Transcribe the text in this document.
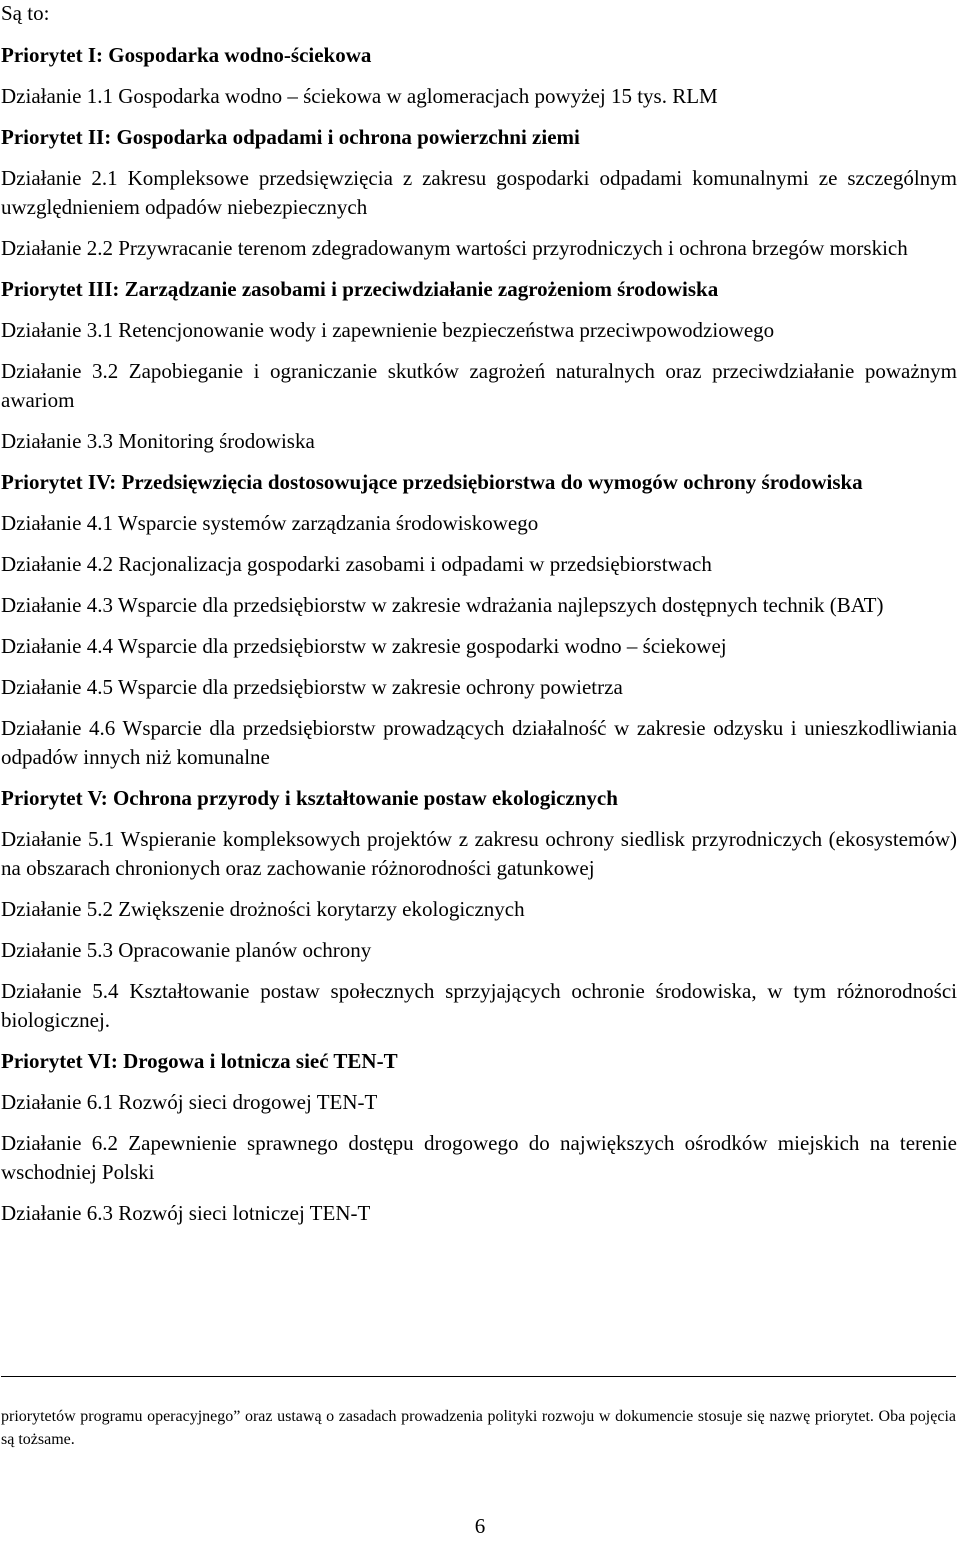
Są to:

Priorytet I: Gospodarka wodno-ściekowa

Działanie 1.1 Gospodarka wodno – ściekowa w aglomeracjach powyżej 15 tys. RLM

Priorytet II: Gospodarka odpadami i ochrona powierzchni ziemi

Działanie 2.1 Kompleksowe przedsięwzięcia z zakresu gospodarki odpadami komunalnymi ze szczególnym uwzględnieniem odpadów niebezpiecznych

Działanie 2.2 Przywracanie terenom zdegradowanym wartości przyrodniczych i ochrona brzegów morskich

Priorytet III: Zarządzanie zasobami i przeciwdziałanie zagrożeniom środowiska

Działanie 3.1 Retencjonowanie wody i zapewnienie bezpieczeństwa przeciwpowodziowego

Działanie 3.2 Zapobieganie i ograniczanie skutków zagrożeń naturalnych oraz przeciwdziałanie poważnym awariom

Działanie 3.3 Monitoring środowiska

Priorytet IV: Przedsięwzięcia dostosowujące przedsiębiorstwa do wymogów ochrony środowiska

Działanie 4.1 Wsparcie systemów zarządzania środowiskowego

Działanie 4.2 Racjonalizacja gospodarki zasobami i odpadami w przedsiębiorstwach

Działanie 4.3 Wsparcie dla przedsiębiorstw w zakresie wdrażania najlepszych dostępnych technik (BAT)

Działanie 4.4 Wsparcie dla przedsiębiorstw w zakresie gospodarki wodno – ściekowej

Działanie 4.5 Wsparcie dla przedsiębiorstw w zakresie ochrony powietrza

Działanie 4.6 Wsparcie dla przedsiębiorstw prowadzących działalność w zakresie odzysku i unieszkodliwiania odpadów innych niż komunalne

Priorytet V: Ochrona przyrody i kształtowanie postaw ekologicznych

Działanie 5.1 Wspieranie kompleksowych projektów z zakresu ochrony siedlisk przyrodniczych (ekosystemów) na obszarach chronionych oraz zachowanie różnorodności gatunkowej

Działanie 5.2 Zwiększenie drożności korytarzy ekologicznych

Działanie 5.3 Opracowanie planów ochrony

Działanie 5.4 Kształtowanie postaw społecznych sprzyjających ochronie środowiska, w tym różnorodności biologicznej.

Priorytet VI: Drogowa i lotnicza sieć TEN-T

Działanie 6.1 Rozwój sieci drogowej TEN-T

Działanie 6.2 Zapewnienie sprawnego dostępu drogowego do największych ośrodków miejskich na terenie wschodniej Polski

Działanie 6.3 Rozwój sieci lotniczej TEN-T

priorytetów programu operacyjnego” oraz ustawą o zasadach prowadzenia polityki rozwoju w dokumencie stosuje się nazwę priorytet. Oba pojęcia są tożsame.

6
